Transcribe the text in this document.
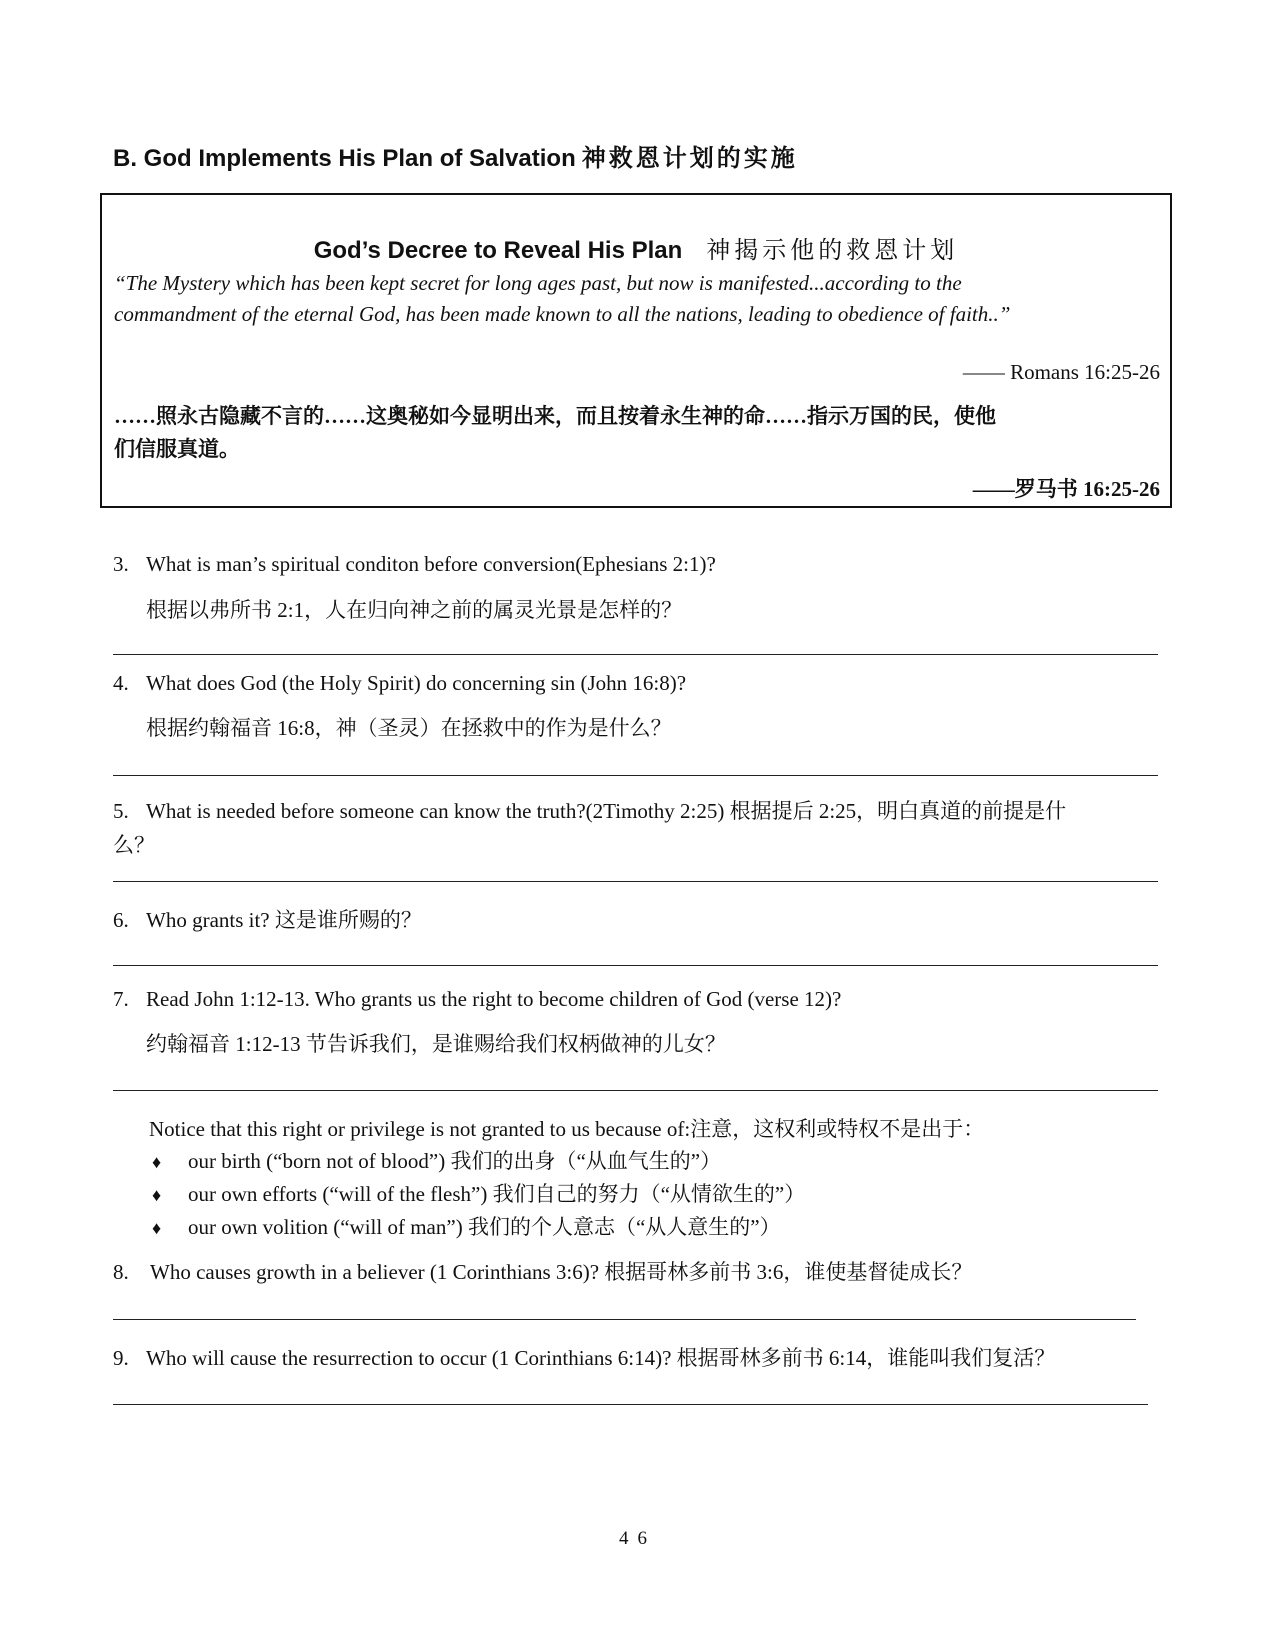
B. God Implements His Plan of Salvation 神救恩计划的实施
God’s Decree to Reveal His Plan 神揭示他的救恩计划
“The Mystery which has been kept secret for long ages past, but now is manifested...according to the
commandment of the eternal God, has been made known to all the nations, leading to obedience of faith..”
—— Romans 16:25-26
……照永古隐藏不言的……这奥秘如今显明出来，而且按着永生神的命……指示万国的民，使他
们信服真道。
——罗马书 16:25-26
3. What is man’s spiritual conditon before conversion(Ephesians 2:1)?
根据以弗所书 2:1，人在归向神之前的属灵光景是怎样的？
4. What does God (the Holy Spirit) do concerning sin (John 16:8)?
根据约翰福音 16:8，神（圣灵）在拯救中的作为是什么？
5. What is needed before someone can know the truth?(2Timothy 2:25) 根据提后 2:25，明白真道的前提是什
么？
6. Who grants it? 这是谁所赐的？
7. Read John 1:12-13. Who grants us the right to become children of God (verse 12)?
约翰福音 1:12-13 节告诉我们，是谁赐给我们权柄做神的儿女？
Notice that this right or privilege is not granted to us because of:注意，这权利或特权不是出于：
♦ our birth (“born not of blood”) 我们的出身（“从血气生的”）
♦ our own efforts (“will of the flesh”) 我们自己的努力（“从情欲生的”）
♦ our own volition (“will of man”) 我们的个人意志（“从人意生的”）
8. Who causes growth in a believer (1 Corinthians 3:6)? 根据哥林多前书 3:6，谁使基督徒成长？
9. Who will cause the resurrection to occur (1 Corinthians 6:14)? 根据哥林多前书 6:14，谁能叫我们复活？
46
